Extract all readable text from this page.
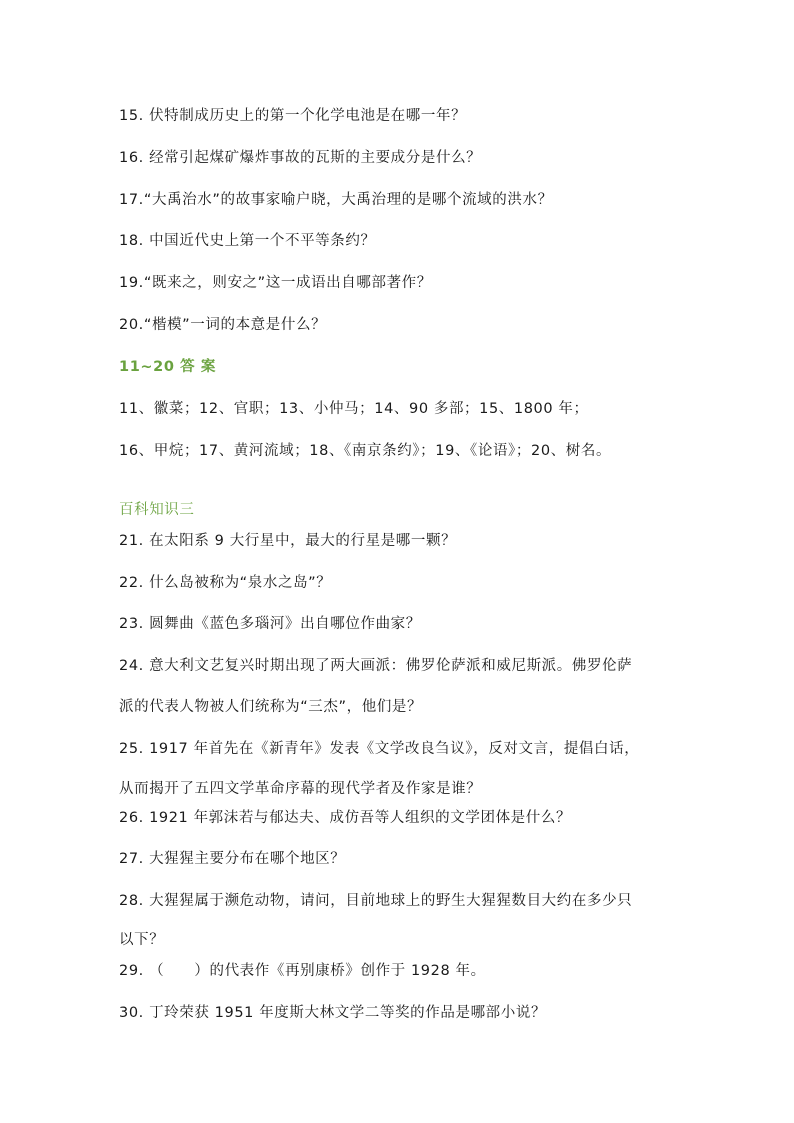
15. 伏特制成历史上的第一个化学电池是在哪一年？
16. 经常引起煤矿爆炸事故的瓦斯的主要成分是什么？
17.“大禹治水”的故事家喻户晓，大禹治理的是哪个流域的洪水？
18. 中国近代史上第一个不平等条约？
19.“既来之，则安之”这一成语出自哪部著作？
20.“楷模”一词的本意是什么？
11~20 答 案
11、徽菜；12、官职；13、小仲马；14、90 多部；15、1800 年；
16、甲烷；17、黄河流域；18、《南京条约》；19、《论语》；20、树名。
百科知识三
21. 在太阳系 9 大行星中，最大的行星是哪一颗？
22. 什么岛被称为“泉水之岛”？
23. 圆舞曲《蓝色多瑙河》出自哪位作曲家？
24. 意大利文艺复兴时期出现了两大画派：佛罗伦萨派和威尼斯派。佛罗伦萨
派的代表人物被人们统称为“三杰”，他们是？
25. 1917 年首先在《新青年》发表《文学改良刍议》，反对文言，提倡白话，
从而揭开了五四文学革命序幕的现代学者及作家是谁？
26. 1921 年郭沫若与郁达夫、成仿吾等人组织的文学团体是什么？
27. 大猩猩主要分布在哪个地区？
28. 大猩猩属于濒危动物，请问，目前地球上的野生大猩猩数目大约在多少只
以下？
29. （　　）的代表作《再别康桥》创作于 1928 年。
30. 丁玲荣获 1951 年度斯大林文学二等奖的作品是哪部小说？
